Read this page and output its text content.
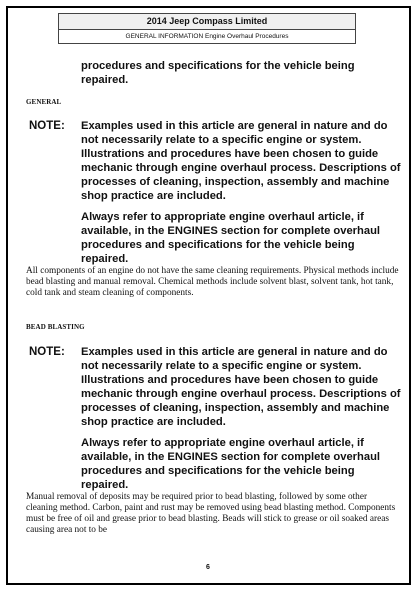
2014 Jeep Compass Limited
GENERAL INFORMATION Engine Overhaul Procedures
procedures and specifications for the vehicle being repaired.
GENERAL
NOTE:	Examples used in this article are general in nature and do not necessarily relate to a specific engine or system. Illustrations and procedures have been chosen to guide mechanic through engine overhaul process. Descriptions of processes of cleaning, inspection, assembly and machine shop practice are included.

Always refer to appropriate engine overhaul article, if available, in the ENGINES section for complete overhaul procedures and specifications for the vehicle being repaired.

All components of an engine do not have the same cleaning requirements. Physical methods include bead blasting and manual removal. Chemical methods include solvent blast, solvent tank, hot tank, cold tank and steam cleaning of components.
BEAD BLASTING
NOTE:	Examples used in this article are general in nature and do not necessarily relate to a specific engine or system. Illustrations and procedures have been chosen to guide mechanic through engine overhaul process. Descriptions of processes of cleaning, inspection, assembly and machine shop practice are included.

Always refer to appropriate engine overhaul article, if available, in the ENGINES section for complete overhaul procedures and specifications for the vehicle being repaired.

Manual removal of deposits may be required prior to bead blasting, followed by some other cleaning method. Carbon, paint and rust may be removed using bead blasting method. Components must be free of oil and grease prior to bead blasting. Beads will stick to grease or oil soaked areas causing area not to be
6
